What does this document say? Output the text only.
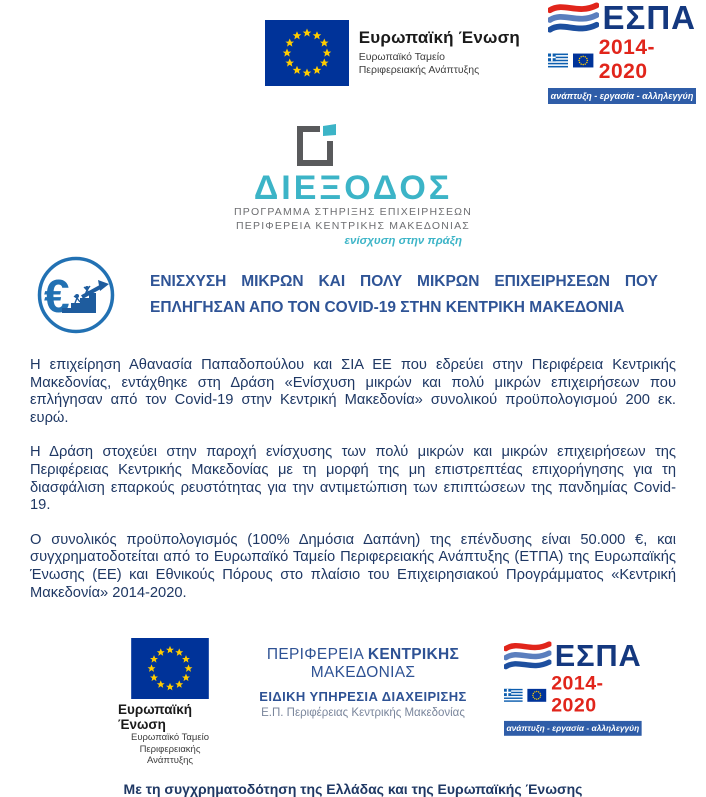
Ευρωπαϊκή Ένωση
Ευρωπαϊκό Ταμείο
Περιφερειακής Ανάπτυξης
ΕΣΠΑ
2014-2020
ανάπτυξη - εργασία - αλληλεγγύη
ΔΙΕΞΟΔΟΣ
ΠΡΟΓΡΑΜΜΑ ΣΤΗΡΙΞΗΣ ΕΠΙΧΕΙΡΗΣΕΩΝ
ΠΕΡΙΦΕΡΕΙΑ ΚΕΝΤΡΙΚΗΣ ΜΑΚΕΔΟΝΙΑΣ
ενίσχυση στην πράξη
€	ΕΝΙΣΧΥΣΗ ΜΙΚΡΩΝ ΚΑΙ ΠΟΛΥ ΜΙΚΡΩΝ ΕΠΙΧΕΙΡΗΣΕΩΝ ΠΟΥ ΕΠΛΗΓΗΣΑΝ ΑΠΟ ΤΟΝ COVID-19 ΣΤΗΝ ΚΕΝΤΡΙΚΗ ΜΑΚΕΔΟΝΙΑ

Η επιχείρηση Αθανασία Παπαδοπούλου και ΣΙΑ ΕΕ που εδρεύει στην Περιφέρεια Κεντρικής Μακεδονίας, εντάχθηκε στη Δράση «Ενίσχυση μικρών και πολύ μικρών επιχειρήσεων που επλήγησαν από τον Covid-19 στην Κεντρική Μακεδονία» συνολικού προϋπολογισμού 200 εκ. ευρώ.

Η Δράση στοχεύει στην παροχή ενίσχυσης των πολύ μικρών και μικρών επιχειρήσεων της Περιφέρειας Κεντρικής Μακεδονίας με τη μορφή της μη επιστρεπτέας επιχορήγησης για τη διασφάλιση επαρκούς ρευστότητας για την αντιμετώπιση των επιπτώσεων της πανδημίας Covid-19.

Ο συνολικός προϋπολογισμός (100% Δημόσια Δαπάνη) της επένδυσης είναι 50.000 €, και συγχρηματοδοτείται από το Ευρωπαϊκό Ταμείο Περιφερειακής Ανάπτυξης (ΕΤΠΑ) της Ευρωπαϊκής Ένωσης (ΕΕ) και Εθνικούς Πόρους στο πλαίσιο του Επιχειρησιακού Προγράμματος «Κεντρική Μακεδονία» 2014-2020.

Ευρωπαϊκή Ένωση
Ευρωπαϊκό Ταμείο
Περιφερειακής Ανάπτυξης
ΠΕΡΙΦΕΡΕΙΑ ΚΕΝΤΡΙΚΗΣ ΜΑΚΕΔΟΝΙΑΣ
ΕΙΔΙΚΗ ΥΠΗΡΕΣΙΑ ΔΙΑΧΕΙΡΙΣΗΣ
Ε.Π. Περιφέρειας Κεντρικής Μακεδονίας
ΕΣΠΑ
2014-2020
ανάπτυξη - εργασία - αλληλεγγύη
Με τη συγχρηματοδότηση της Ελλάδας και της Ευρωπαϊκής Ένωσης
